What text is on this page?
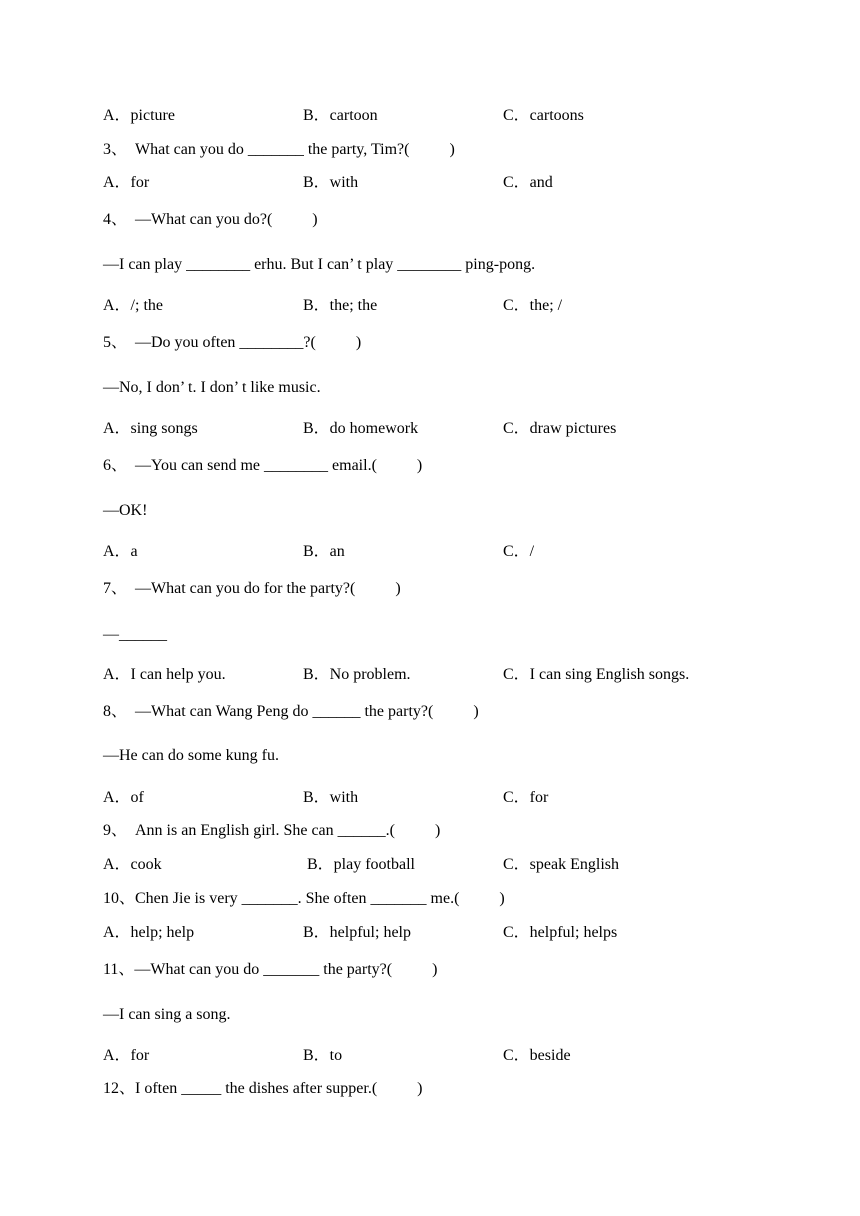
A．picture	B．cartoon	C．cartoons
3、  What can you do _______ the party, Tim?(          )
A．for	B．with	C．and
4、  —What can you do?(          )
—I can play ________ erhu. But I can’ t play ________ ping-pong.
A．/; the	B．the; the	C．the; /
5、  —Do you often ________?(          )
—No, I don’ t. I don’ t like music.
A．sing songs	B．do homework	C．draw pictures
6、  —You can send me ________ email.(          )
—OK!
A．a	B．an	C．/
7、  —What can you do for the party?(          )
—______
A．I can help you.	B．No problem.	C．I can sing English songs.
8、  —What can Wang Peng do ______ the party?(          )
—He can do some kung fu.
A．of	B．with	C．for
9、  Ann is an English girl. She can ______.(          )
A．cook	B．play football	C．speak English
10、Chen Jie is very _______. She often _______ me.(          )
A．help; help	B．helpful; help	C．helpful; helps
11、—What can you do _______ the party?(          )
—I can sing a song.
A．for	B．to	C．beside
12、I often _____ the dishes after supper.(          )
